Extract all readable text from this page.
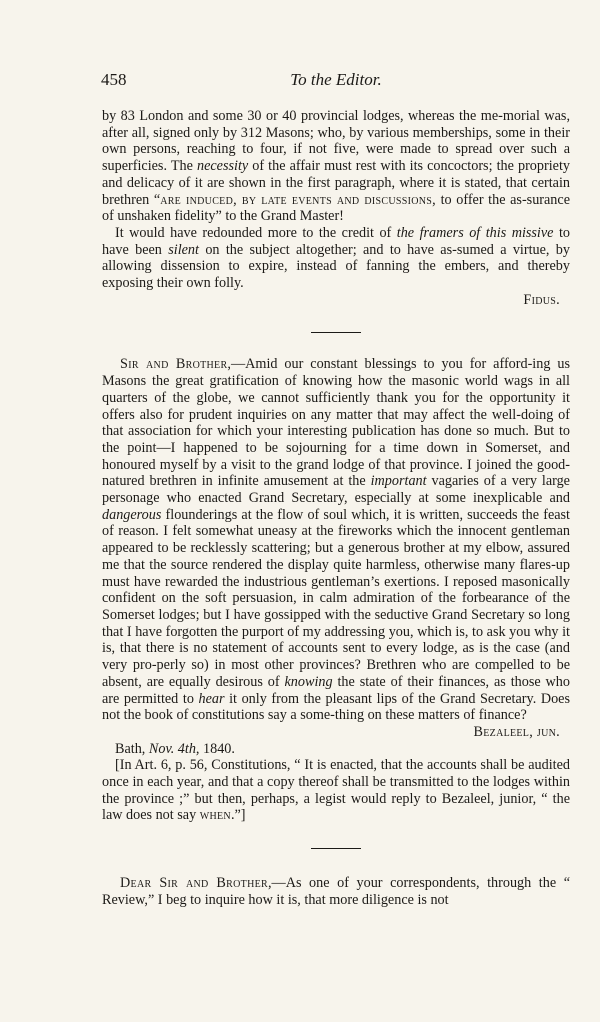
458	To the Editor.

by 83 London and some 30 or 40 provincial lodges, whereas the me-morial was, after all, signed only by 312 Masons; who, by various memberships, some in their own persons, reaching to four, if not five, were made to spread over such a superficies. The necessity of the affair must rest with its concoctors; the propriety and delicacy of it are shown in the first paragraph, where it is stated, that certain brethren “are induced, by late events and discussions, to offer the as-surance of unshaken fidelity” to the Grand Master!

It would have redounded more to the credit of the framers of this missive to have been silent on the subject altogether; and to have as-sumed a virtue, by allowing dissension to expire, instead of fanning the embers, and thereby exposing their own folly.

Fidus.

Sir and Brother,—Amid our constant blessings to you for afford-ing us Masons the great gratification of knowing how the masonic world wags in all quarters of the globe, we cannot sufficiently thank you for the opportunity it offers also for prudent inquiries on any matter that may affect the well-doing of that association for which your interesting publication has done so much. But to the point—I happened to be sojourning for a time down in Somerset, and honoured myself by a visit to the grand lodge of that province. I joined the good-natured brethren in infinite amusement at the important vagaries of a very large personage who enacted Grand Secretary, especially at some inexplicable and dangerous flounderings at the flow of soul which, it is written, succeeds the feast of reason. I felt somewhat uneasy at the fireworks which the innocent gentleman appeared to be recklessly scattering; but a generous brother at my elbow, assured me that the source rendered the display quite harmless, otherwise many flares-up must have rewarded the industrious gentleman’s exertions. I reposed masonically confident on the soft persuasion, in calm admiration of the forbearance of the Somerset lodges; but I have gossipped with the seductive Grand Secretary so long that I have forgotten the purport of my addressing you, which is, to ask you why it is, that there is no statement of accounts sent to every lodge, as is the case (and very pro-perly so) in most other provinces? Brethren who are compelled to be absent, are equally desirous of knowing the state of their finances, as those who are permitted to hear it only from the pleasant lips of the Grand Secretary. Does not the book of constitutions say a some-thing on these matters of finance?

Bezaleel, jun.

Bath, Nov. 4th, 1840.

[In Art. 6, p. 56, Constitutions, “ It is enacted, that the accounts shall be audited once in each year, and that a copy thereof shall be transmitted to the lodges within the province ;” but then, perhaps, a legist would reply to Bezaleel, junior, “ the law does not say when.”]

Dear Sir and Brother,—As one of your correspondents, through the “ Review,” I beg to inquire how it is, that more diligence is not
